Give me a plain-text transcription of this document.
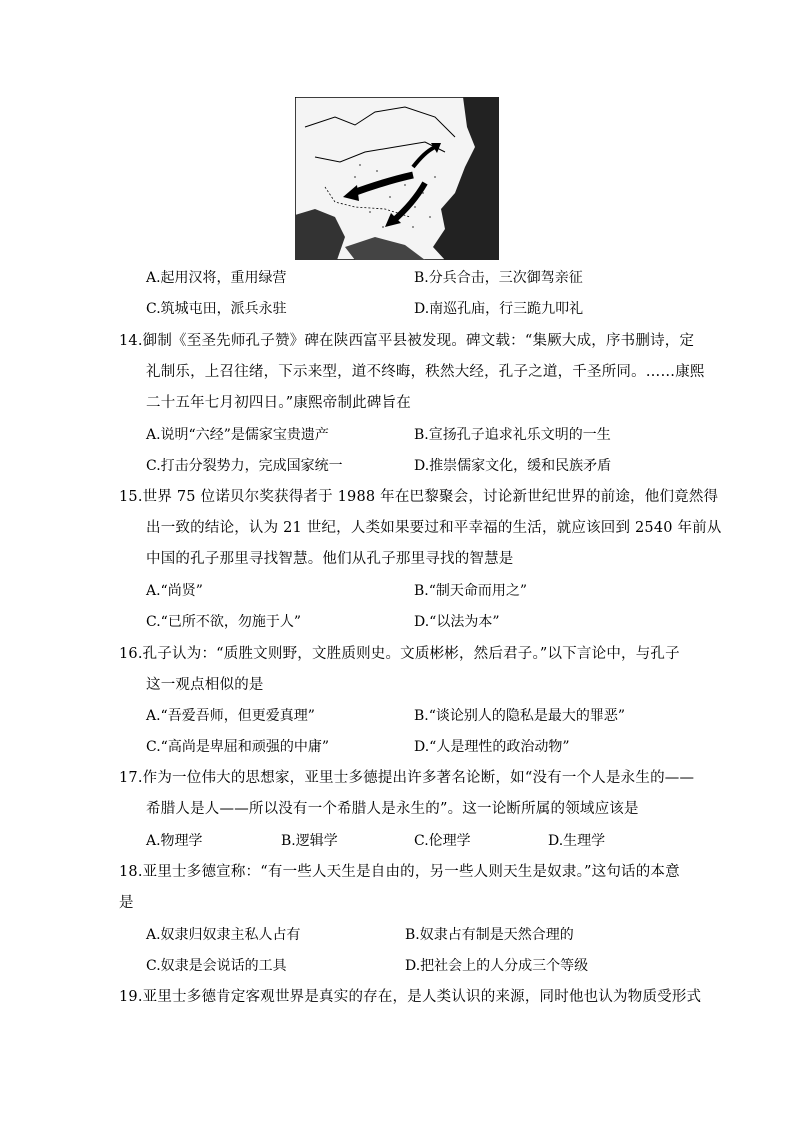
A.起用汉将，重用绿营	B.分兵合击，三次御驾亲征
C.筑城屯田，派兵永驻	D.南巡孔庙，行三跪九叩礼
14.御制《至圣先师孔子赞》碑在陕西富平县被发现。碑文载：“集厥大成，序书删诗，定
礼制乐，上召往绪，下示来型，道不终晦，秩然大经，孔子之道，千圣所同。……康熙
二十五年七月初四日。”康熙帝制此碑旨在
A.说明“六经”是儒家宝贵遗产	B.宣扬孔子追求礼乐文明的一生
C.打击分裂势力，完成国家统一	D.推崇儒家文化，缓和民族矛盾
15.世界 75 位诺贝尔奖获得者于 1988 年在巴黎聚会，讨论新世纪世界的前途，他们竟然得
出一致的结论，认为 21 世纪，人类如果要过和平幸福的生活，就应该回到 2540 年前从
中国的孔子那里寻找智慧。他们从孔子那里寻找的智慧是
A.“尚贤”	B.“制天命而用之”
C.“已所不欲，勿施于人”	D.“以法为本”
16.孔子认为：“质胜文则野，文胜质则史。文质彬彬，然后君子。”以下言论中，与孔子
这一观点相似的是
A.“吾爱吾师，但更爱真理”	B.“谈论别人的隐私是最大的罪恶”
C.“高尚是卑屈和顽强的中庸”	D.“人是理性的政治动物”
17.作为一位伟大的思想家，亚里士多德提出许多著名论断，如“没有一个人是永生的——
希腊人是人——所以没有一个希腊人是永生的”。这一论断所属的领域应该是
A.物理学	B.逻辑学	C.伦理学	D.生理学
18.亚里士多德宣称：“有一些人天生是自由的，另一些人则天生是奴隶。”这句话的本意
是
A.奴隶归奴隶主私人占有	B.奴隶占有制是天然合理的
C.奴隶是会说话的工具	D.把社会上的人分成三个等级
19.亚里士多德肯定客观世界是真实的存在，是人类认识的来源，同时他也认为物质受形式
